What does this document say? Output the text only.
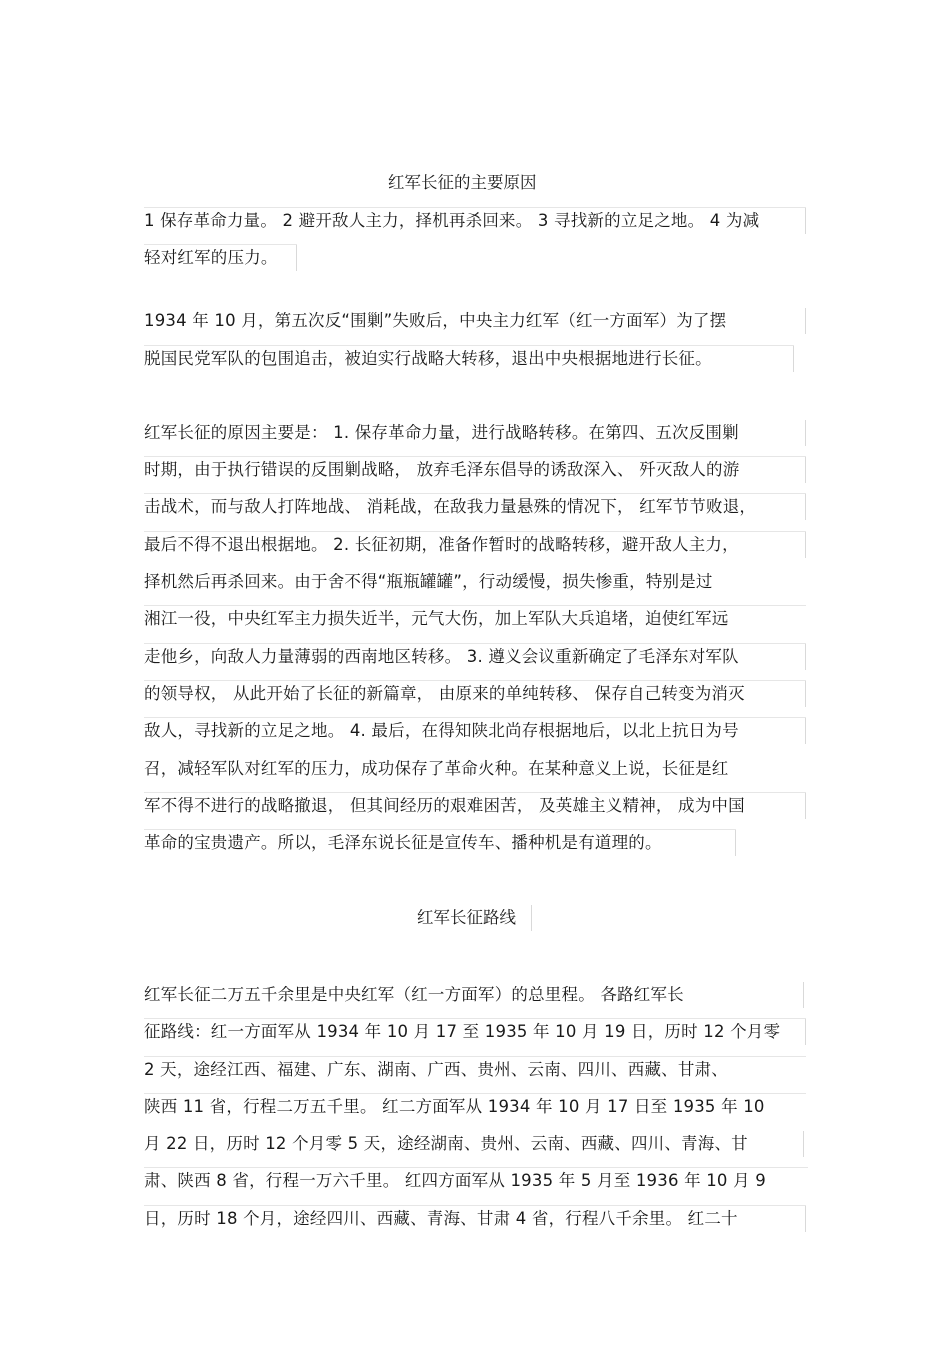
红军长征的主要原因
1 保存革命力量。 2 避开敌人主力，择机再杀回来。 3 寻找新的立足之地。 4 为减
轻对红军的压力。
1934 年 10 月，第五次反“围剿”失败后，中央主力红军（红一方面军）为了摆
脱国民党军队的包围追击，被迫实行战略大转移，退出中央根据地进行长征。
红军长征的原因主要是： 1. 保存革命力量，进行战略转移。在第四、五次反围剿
时期，由于执行错误的反围剿战略， 放弃毛泽东倡导的诱敌深入、 歼灭敌人的游
击战术，而与敌人打阵地战、 消耗战，在敌我力量悬殊的情况下， 红军节节败退，
最后不得不退出根据地。 2. 长征初期，准备作暂时的战略转移，避开敌人主力，
择机然后再杀回来。由于舍不得“瓶瓶罐罐”，行动缓慢，损失惨重，特别是过
湘江一役，中央红军主力损失近半，元气大伤，加上军队大兵追堵，迫使红军远
走他乡，向敌人力量薄弱的西南地区转移。 3. 遵义会议重新确定了毛泽东对军队
的领导权， 从此开始了长征的新篇章， 由原来的单纯转移、 保存自己转变为消灭
敌人，寻找新的立足之地。 4. 最后，在得知陕北尚存根据地后，以北上抗日为号
召，减轻军队对红军的压力，成功保存了革命火种。在某种意义上说，长征是红
军不得不进行的战略撤退， 但其间经历的艰难困苦， 及英雄主义精神， 成为中国
革命的宝贵遗产。所以，毛泽东说长征是宣传车、播种机是有道理的。
红军长征路线
红军长征二万五千余里是中央红军（红一方面军）的总里程。 各路红军长
征路线：红一方面军从 1934 年 10 月 17 至 1935 年 10 月 19 日，历时 12 个月零
2 天，途经江西、福建、广东、湖南、广西、贵州、云南、四川、西藏、甘肃、
陕西 11 省，行程二万五千里。 红二方面军从 1934 年 10 月 17 日至 1935 年 10
月 22 日，历时 12 个月零 5 天，途经湖南、贵州、云南、西藏、四川、青海、甘
肃、陕西 8 省，行程一万六千里。 红四方面军从 1935 年 5 月至 1936 年 10 月 9
日，历时 18 个月，途经四川、西藏、青海、甘肃 4 省，行程八千余里。 红二十
